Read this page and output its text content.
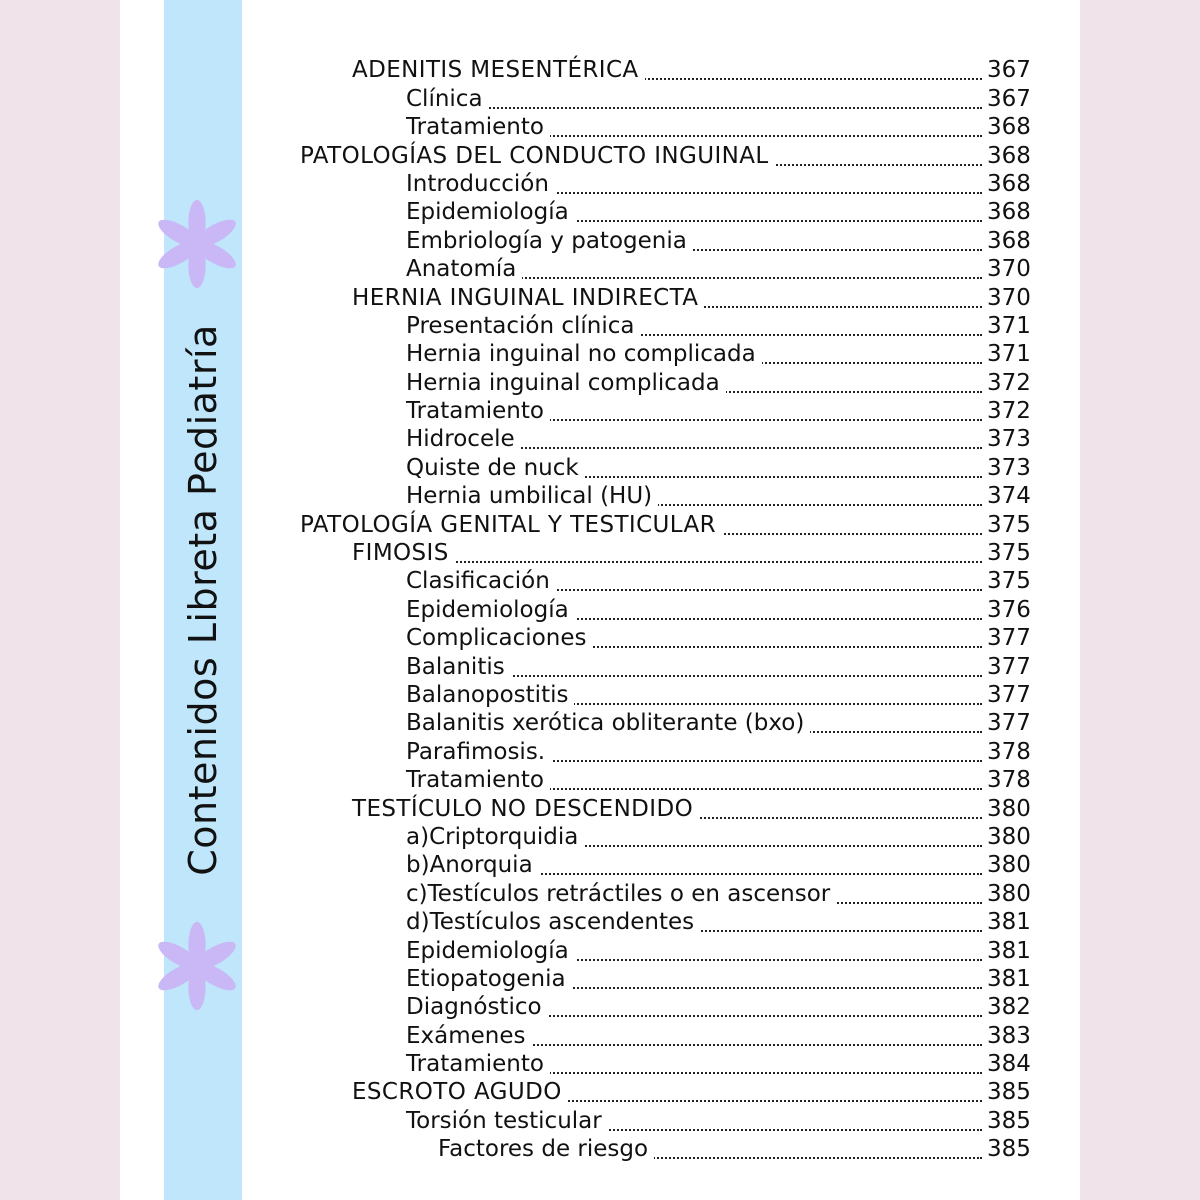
Contenidos Libreta Pediatría
ADENITIS MESENTÉRICA	367
Clínica	367
Tratamiento	368
PATOLOGÍAS DEL CONDUCTO INGUINAL	368
Introducción	368
Epidemiología	368
Embriología y patogenia	368
Anatomía	370
HERNIA INGUINAL INDIRECTA	370
Presentación clínica	371
Hernia inguinal no complicada	371
Hernia inguinal complicada	372
Tratamiento	372
Hidrocele	373
Quiste de nuck	373
Hernia umbilical (HU)	374
PATOLOGÍA GENITAL Y TESTICULAR	375
FIMOSIS	375
Clasificación	375
Epidemiología	376
Complicaciones	377
Balanitis	377
Balanopostitis	377
Balanitis xerótica obliterante (bxo)	377
Parafimosis.	378
Tratamiento	378
TESTÍCULO NO DESCENDIDO	380
a)Criptorquidia	380
b)Anorquia	380
c)Testículos retráctiles o en ascensor	380
d)Testículos ascendentes	381
Epidemiología	381
Etiopatogenia	381
Diagnóstico	382
Exámenes	383
Tratamiento	384
ESCROTO AGUDO	385
Torsión testicular	385
Factores de riesgo	385
